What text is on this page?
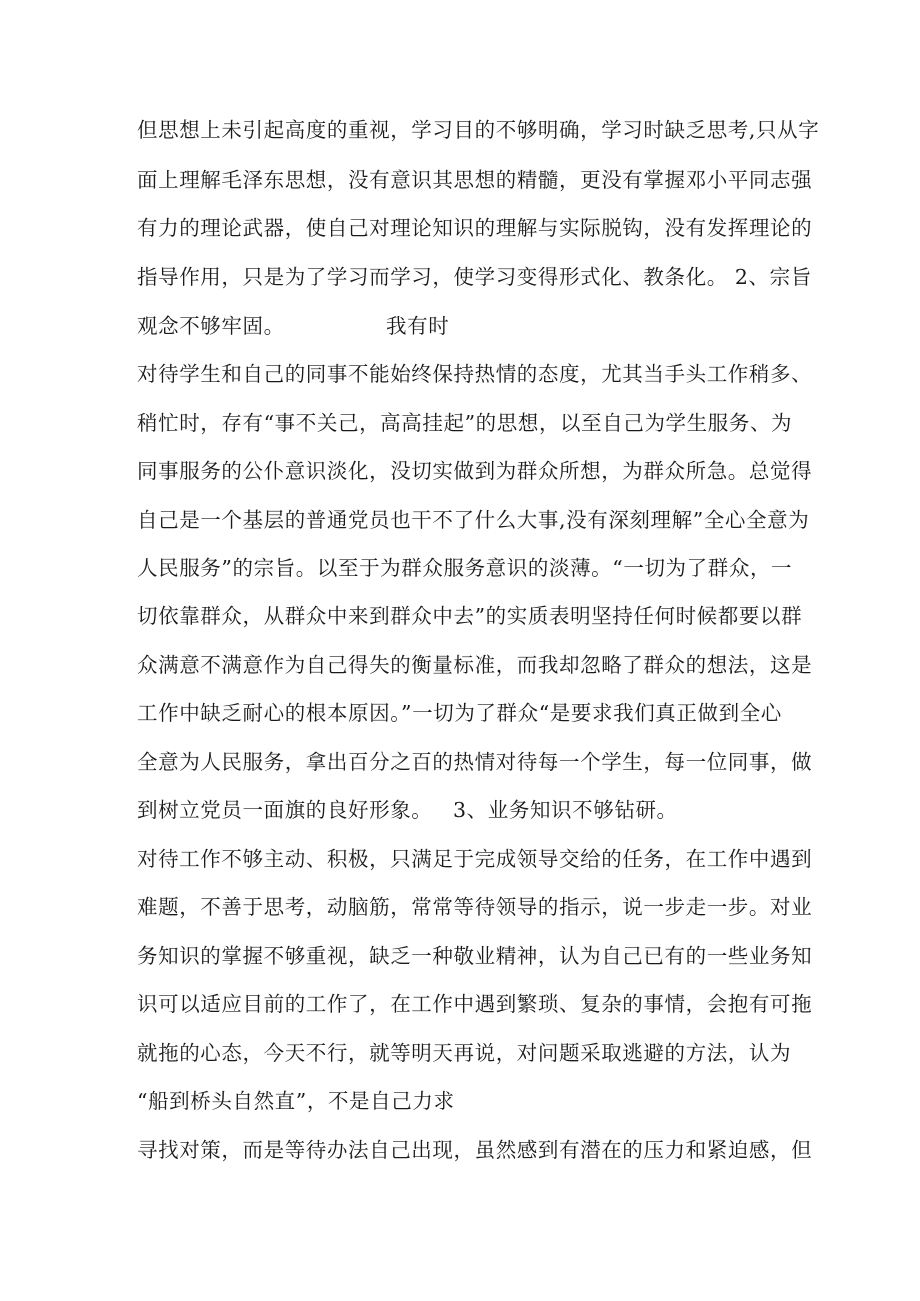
但思想上未引起高度的重视，学习目的不够明确，学习时缺乏思考,只从字
面上理解毛泽东思想，没有意识其思想的精髓，更没有掌握邓小平同志强
有力的理论武器，使自己对理论知识的理解与实际脱钩，没有发挥理论的
指导作用，只是为了学习而学习，使学习变得形式化、教条化。 2、宗旨
观念不够牢固。	我有时
对待学生和自己的同事不能始终保持热情的态度，尤其当手头工作稍多、
稍忙时，存有“事不关己，高高挂起”的思想，以至自己为学生服务、为
同事服务的公仆意识淡化，没切实做到为群众所想，为群众所急。总觉得
自己是一个基层的普通党员也干不了什么大事,没有深刻理解”全心全意为
人民服务”的宗旨。以至于为群众服务意识的淡薄。“一切为了群众，一
切依靠群众，从群众中来到群众中去”的实质表明坚持任何时候都要以群
众满意不满意作为自己得失的衡量标准，而我却忽略了群众的想法，这是
工作中缺乏耐心的根本原因。”一切为了群众“是要求我们真正做到全心
全意为人民服务，拿出百分之百的热情对待每一个学生，每一位同事，做
到树立党员一面旗的良好形象。 3、业务知识不够钻研。
对待工作不够主动、积极，只满足于完成领导交给的任务，在工作中遇到
难题，不善于思考，动脑筋，常常等待领导的指示，说一步走一步。对业
务知识的掌握不够重视，缺乏一种敬业精神，认为自己已有的一些业务知
识可以适应目前的工作了，在工作中遇到繁琐、复杂的事情，会抱有可拖
就拖的心态，今天不行，就等明天再说，对问题采取逃避的方法，认为
“船到桥头自然直”，不是自己力求
寻找对策，而是等待办法自己出现，虽然感到有潜在的压力和紧迫感，但
